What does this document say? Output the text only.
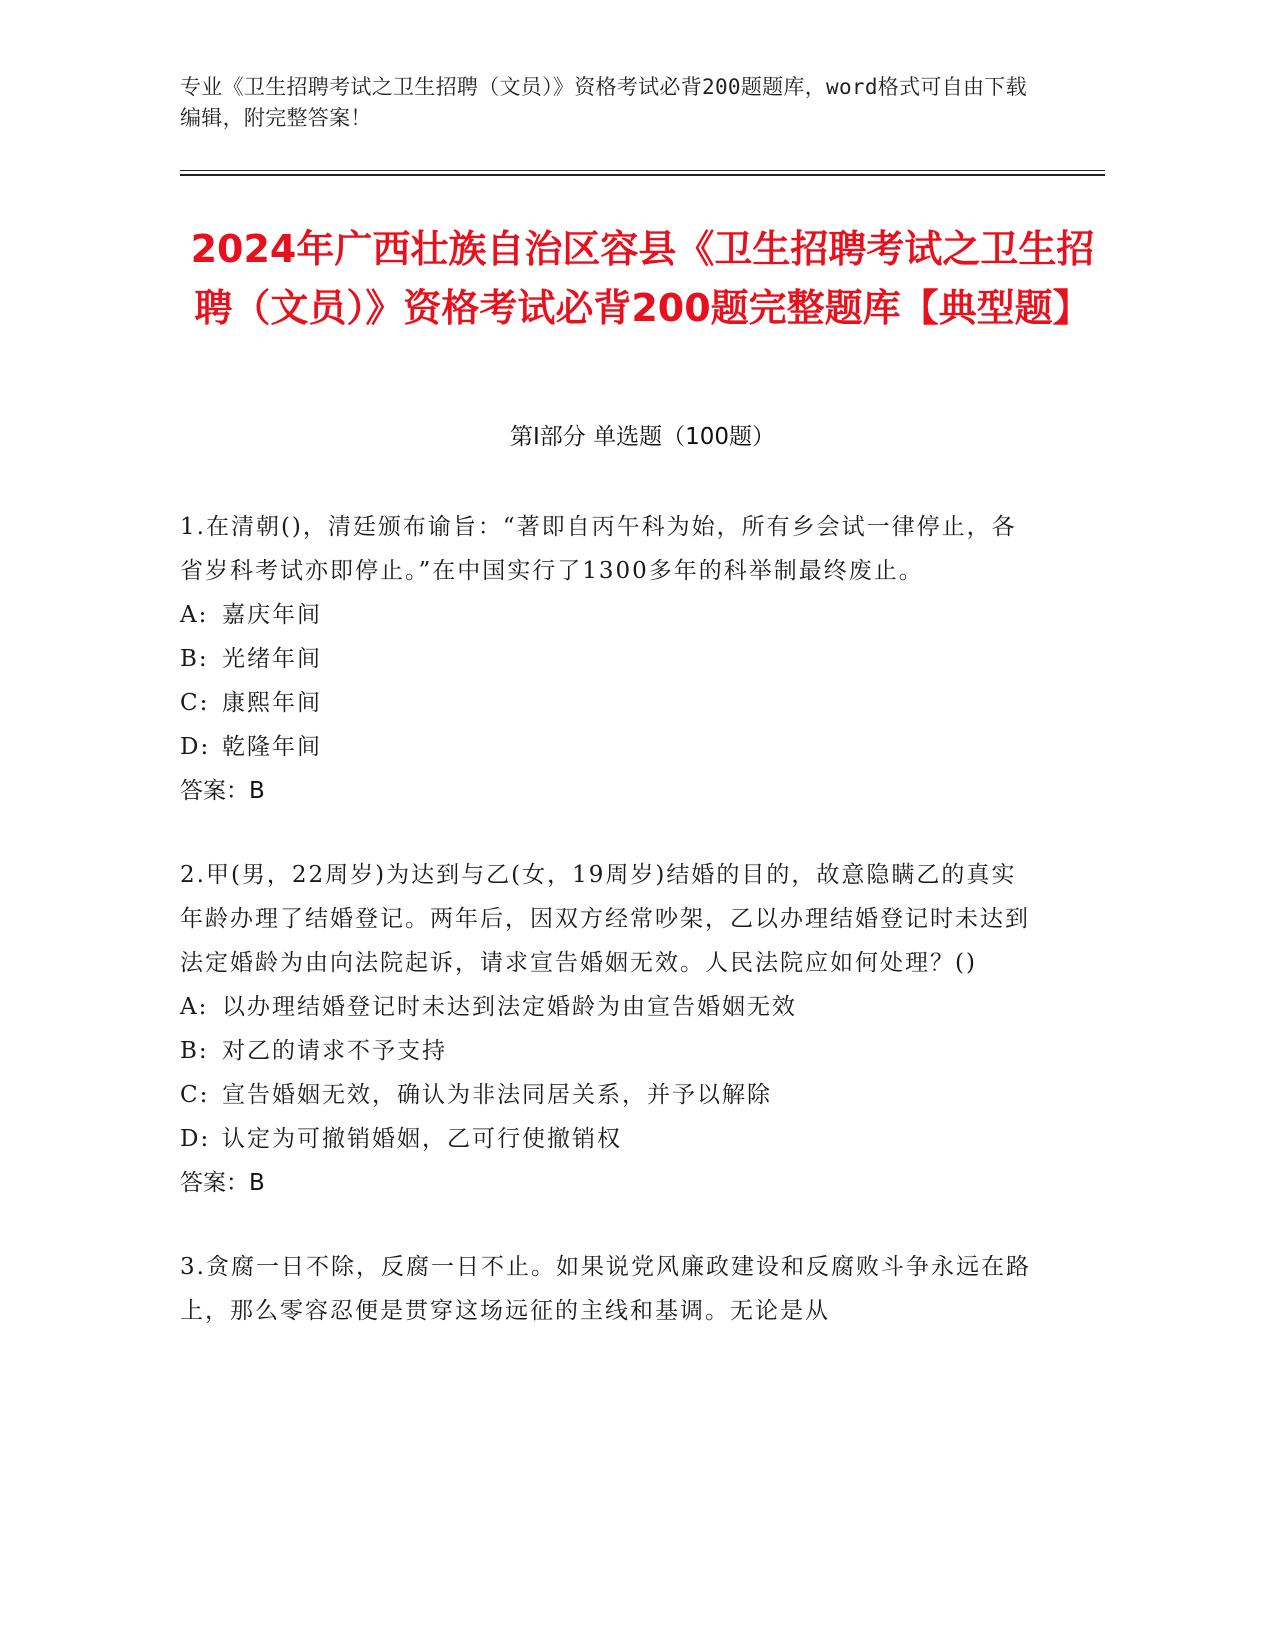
专业《卫生招聘考试之卫生招聘（文员）》资格考试必背200题题库，word格式可自由下载编辑，附完整答案！
2024年广西壮族自治区容县《卫生招聘考试之卫生招聘（文员）》资格考试必背200题完整题库【典型题】
第I部分 单选题（100题）
1.在清朝()，清廷颁布谕旨：“著即自丙午科为始，所有乡会试一律停止，各省岁科考试亦即停止。”在中国实行了1300多年的科举制最终废止。
A: 嘉庆年间
B: 光绪年间
C: 康熙年间
D: 乾隆年间
答案：B
2.甲(男，22周岁)为达到与乙(女，19周岁)结婚的目的，故意隐瞒乙的真实年龄办理了结婚登记。两年后，因双方经常吵架，乙以办理结婚登记时未达到法定婚龄为由向法院起诉，请求宣告婚姻无效。人民法院应如何处理？()
A: 以办理结婚登记时未达到法定婚龄为由宣告婚姻无效
B: 对乙的请求不予支持
C: 宣告婚姻无效，确认为非法同居关系，并予以解除
D: 认定为可撤销婚姻，乙可行使撤销权
答案：B
3.贪腐一日不除，反腐一日不止。如果说党风廉政建设和反腐败斗争永远在路上，那么零容忍便是贯穿这场远征的主线和基调。无论是从
